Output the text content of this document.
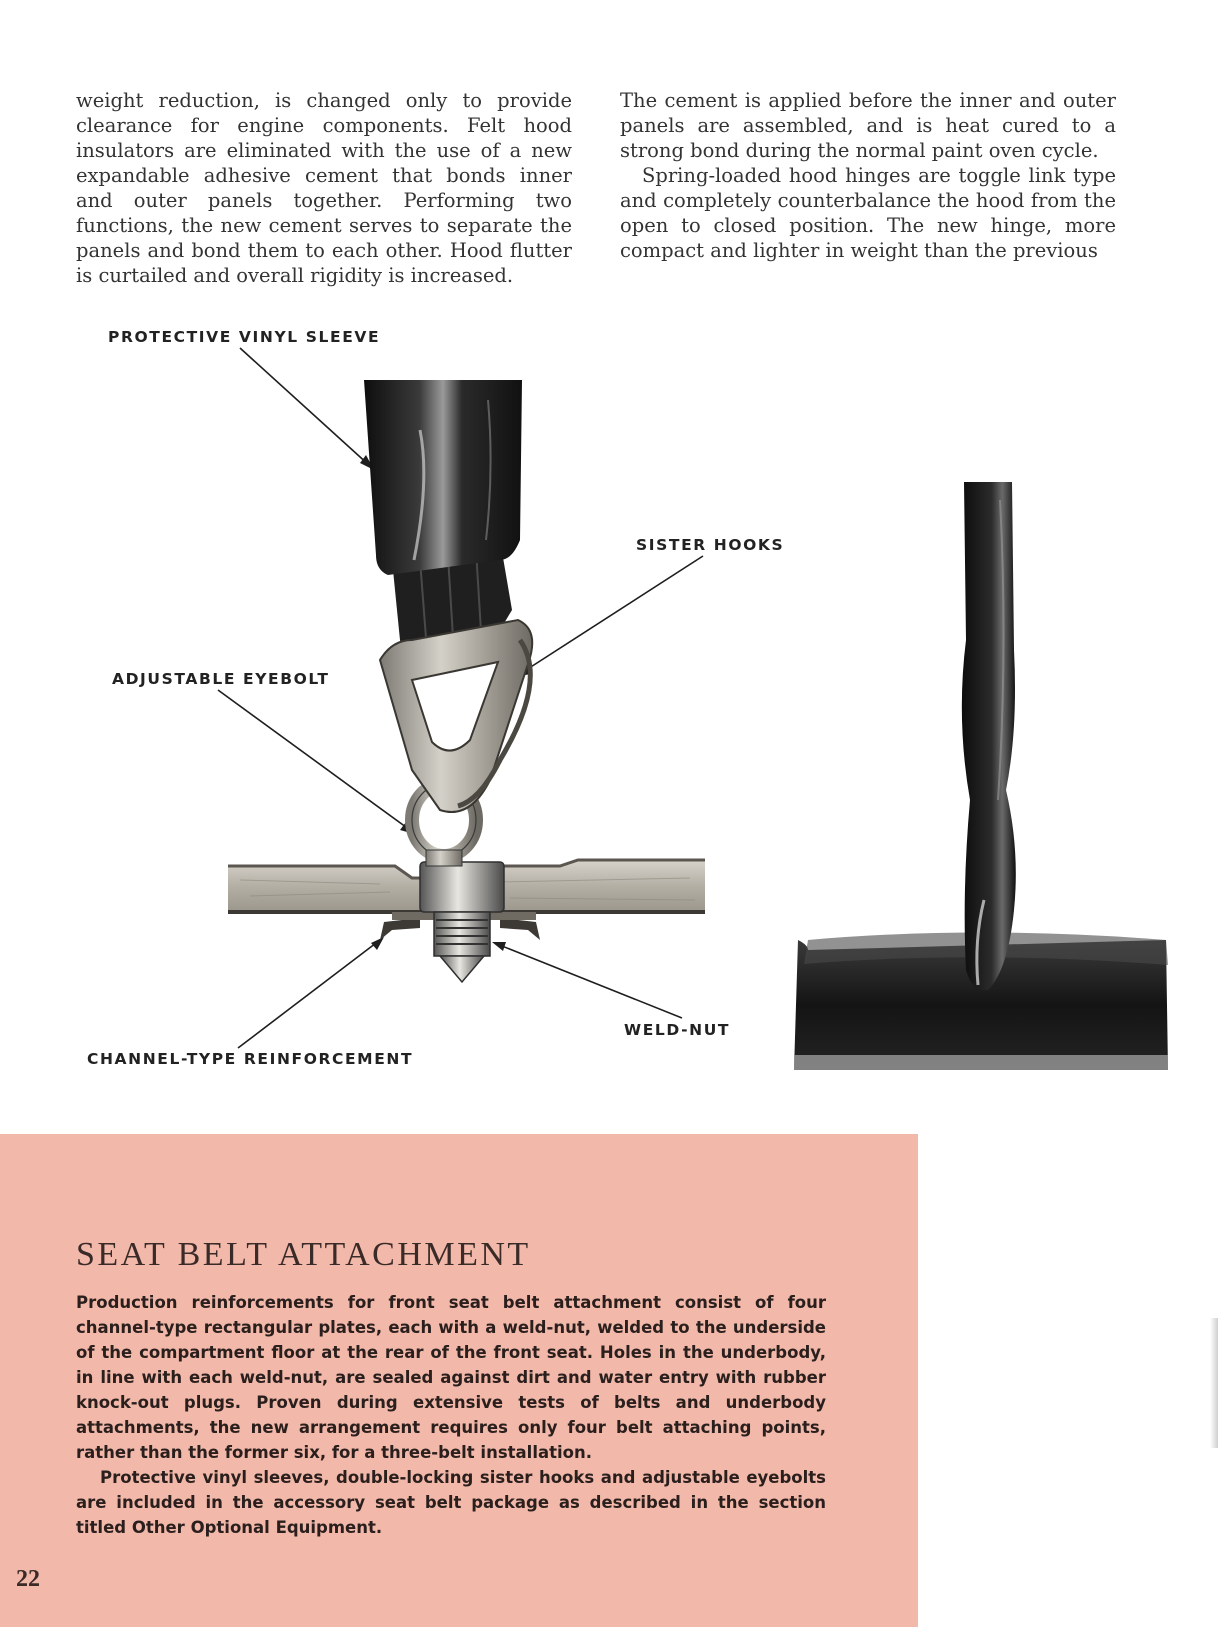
weight reduction, is changed only to provide clearance for engine components. Felt hood insulators are eliminated with the use of a new expandable adhesive cement that bonds inner and outer panels together. Performing two functions, the new cement serves to separate the panels and bond them to each other. Hood flutter is curtailed and overall rigidity is increased.

The cement is applied before the inner and outer panels are assembled, and is heat cured to a strong bond during the normal paint oven cycle.

Spring-loaded hood hinges are toggle link type and completely counterbalance the hood from the open to closed position. The new hinge, more compact and lighter in weight than the previous

PROTECTIVE VINYL SLEEVE
SISTER HOOKS
ADJUSTABLE EYEBOLT
WELD-NUT
CHANNEL-TYPE REINFORCEMENT
SEAT BELT ATTACHMENT

Production reinforcements for front seat belt attachment consist of four channel-type rectangular plates, each with a weld-nut, welded to the underside of the compartment floor at the rear of the front seat. Holes in the underbody, in line with each weld-nut, are sealed against dirt and water entry with rubber knock-out plugs. Proven during extensive tests of belts and underbody attachments, the new arrangement requires only four belt attaching points, rather than the former six, for a three-belt installation.

Protective vinyl sleeves, double-locking sister hooks and adjustable eyebolts are included in the accessory seat belt package as described in the section titled Other Optional Equipment.

22
